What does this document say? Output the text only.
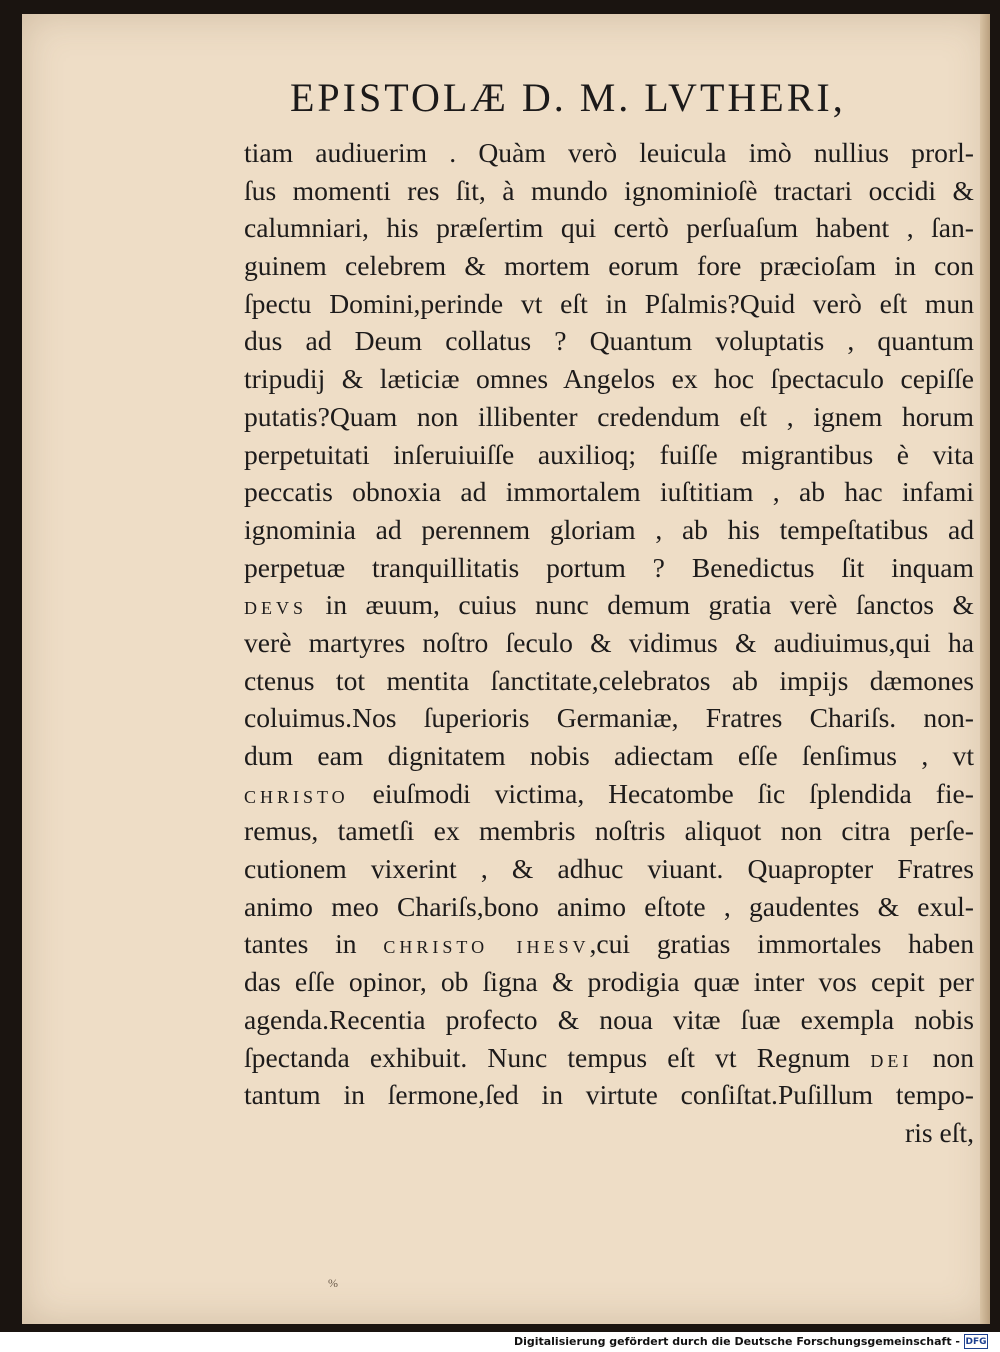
EPISTOLÆ D. M. LVTHERI,
tiam audiuerim . Quàm verò leuicula imò nullius prorl-
ſus momenti res ſit, à mundo ignominioſè tractari occidi &
calumniari, his præſertim qui certò perſuaſum habent , ſan-
guinem celebrem & mortem eorum fore præcioſam in con
ſpectu Domini,perinde vt eſt in Pſalmis?Quid verò eſt mun
dus ad Deum collatus ? Quantum voluptatis , quantum
tripudij & læticiæ omnes Angelos ex hoc ſpectaculo cepiſſe
putatis?Quam non illibenter credendum eſt , ignem horum
perpetuitati inſeruiuiſſe auxilioq; fuiſſe migrantibus è vita
peccatis obnoxia ad immortalem iuſtitiam , ab hac infami
ignominia ad perennem gloriam , ab his tempeſtatibus ad
perpetuæ tranquillitatis portum ? Benedictus ſit inquam
DEVS in æuum, cuius nunc demum gratia verè ſanctos &
verè martyres noſtro ſeculo & vidimus & audiuimus,qui ha
ctenus tot mentita ſanctitate,celebratos ab impijs dæmones
coluimus.Nos ſuperioris Germaniæ, Fratres Chariſs. non-
dum eam dignitatem nobis adiectam eſſe ſenſimus , vt
CHRISTO eiuſmodi victima, Hecatombe ſic ſplendida fie-
remus, tametſi ex membris noſtris aliquot non citra perſe-
cutionem vixerint , & adhuc viuant. Quapropter Fratres
animo meo Chariſs,bono animo eſtote , gaudentes & exul-
tantes in CHRISTO IHESV,cui gratias immortales haben
das eſſe opinor, ob ſigna & prodigia quæ inter vos cepit per
agenda.Recentia profecto & noua vitæ ſuæ exempla nobis
ſpectanda exhibuit. Nunc tempus eſt vt Regnum DEI non
tantum in ſermone,ſed in virtute conſiſtat.Puſillum tempo-
ris eſt,
%
Digitalisierung gefördert durch die Deutsche Forschungsgemeinschaft - DFG
